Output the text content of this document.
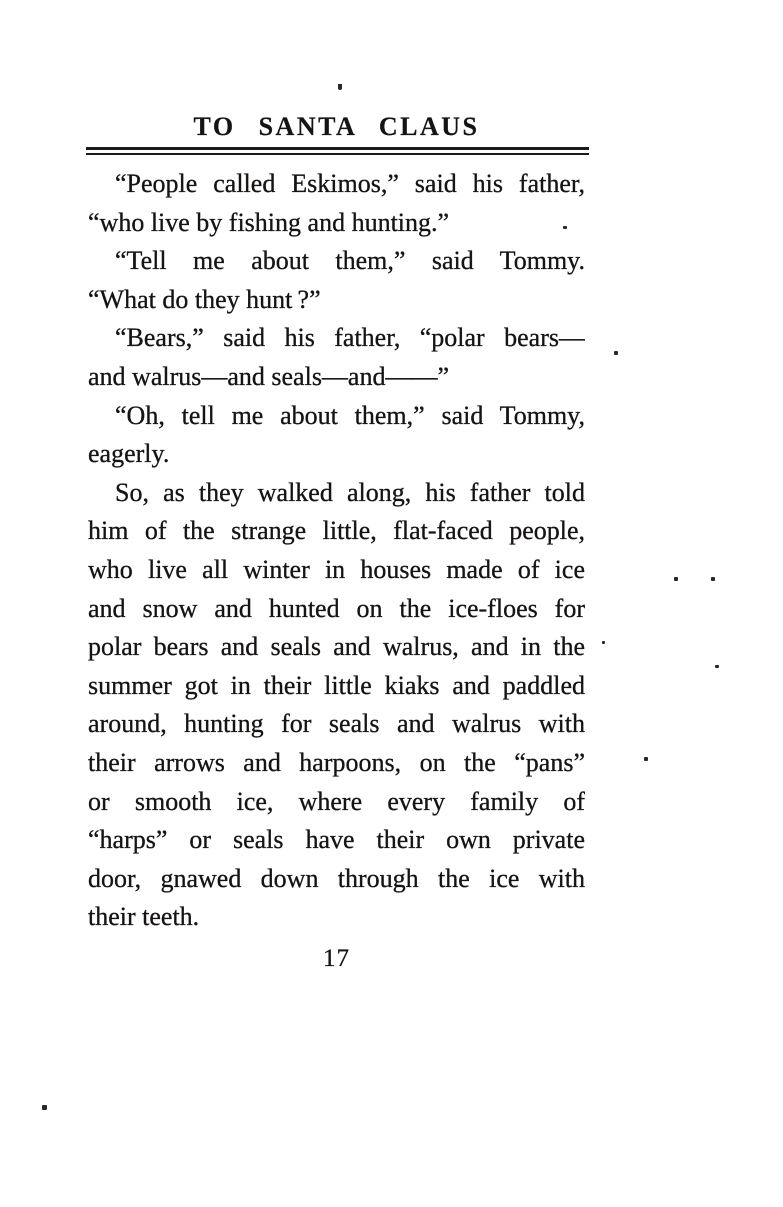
TO SANTA CLAUS

“People called Eskimos,” said his father,

“who live by fishing and hunting.”

“Tell me about them,” said Tommy.

“What do they hunt ?”

“Bears,” said his father, “polar bears—

and walrus—and seals—and——”

“Oh, tell me about them,” said Tommy,

eagerly.

So, as they walked along, his father told

him of the strange little, flat-faced people,

who live all winter in houses made of ice

and snow and hunted on the ice-floes for

polar bears and seals and walrus, and in the

summer got in their little kiaks and paddled

around, hunting for seals and walrus with

their arrows and harpoons, on the “pans”

or smooth ice, where every family of

“harps” or seals have their own private

door, gnawed down through the ice with

their teeth.

17
